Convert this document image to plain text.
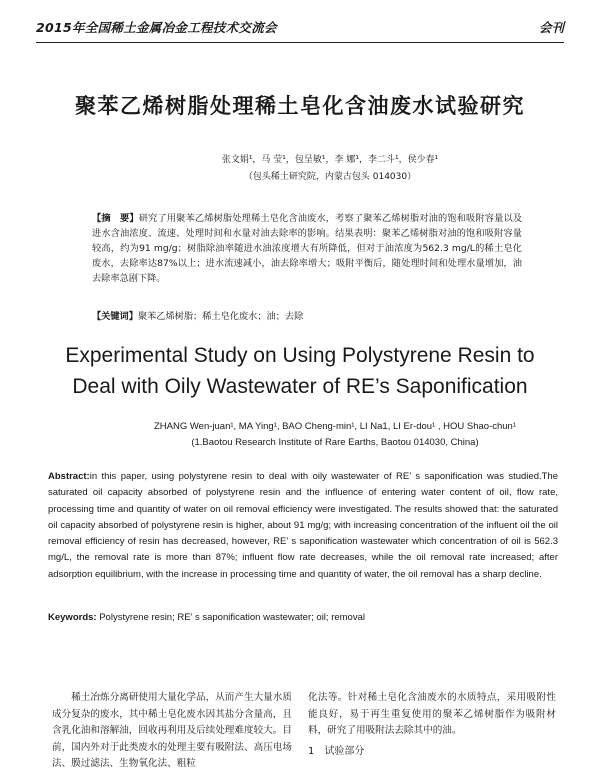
2015年全国稀土金属冶金工程技术交流会	会刊
聚苯乙烯树脂处理稀土皂化含油废水试验研究
张文娟¹，马 莹¹，包呈敏¹，李 娜¹，李二斗¹，侯少春¹
（包头稀土研究院，内蒙古包头 014030）
【摘　要】研究了用聚苯乙烯树脂处理稀土皂化含油废水，考察了聚苯乙烯树脂对油的饱和吸附容量以及进水含油浓度、流速、处理时间和水量对油去除率的影响。结果表明：聚苯乙烯树脂对油的饱和吸附容量较高，约为91 mg/g；树脂除油率随进水油浓度增大有所降低，但对于油浓度为562.3 mg/L的稀土皂化废水，去除率达87%以上；进水流速减小，油去除率增大；吸附平衡后，随处理时间和处理水量增加，油去除率急剧下降。
【关键词】聚苯乙烯树脂；稀土皂化废水；油；去除
Experimental Study on Using Polystyrene Resin to
Deal with Oily Wastewater of RE’s Saponification
ZHANG Wen-juan¹, MA Ying¹, BAO Cheng-min¹, LI Na1, LI Er-dou¹ , HOU Shao-chun¹
(1.Baotou Research Institute of Rare Earths, Baotou 014030, China)
Abstract:in this paper, using polystyrene resin to deal with oily wastewater of RE’ s saponification was studied.The saturated oil capacity absorbed of polystyrene resin and the influence of entering water content of oil, flow rate, processing time and quantity of water on oil removal efficiency were investigated. The results showed that: the saturated oil capacity absorbed of polystyrene resin is higher, about 91 mg/g; with increasing concentration of the influent oil the oil removal efficiency of resin has decreased, however, RE’ s saponification wastewater which concentration of oil is 562.3 mg/L, the removal rate is more than 87%; influent flow rate decreases, while the oil removal rate increased; after adsorption equilibrium, with the increase in processing time and quantity of water, the oil removal has a sharp decline.
Keywords: Polystyrene resin; RE’ s saponification wastewater; oil; removal
稀土冶炼分离研使用大量化学品，从而产生大量水质成分复杂的废水，其中稀土皂化废水因其盐分含量高，且含乳化油和溶解油，回收再利用及后续处理难度较大。目前，国内外对于此类废水的处理主要有吸附法、高压电场法、膜过滤法、生物氧化法、粗粒
化法等。针对稀土皂化含油废水的水质特点，采用吸附性能良好，易于再生重复使用的聚苯乙烯树脂作为吸附材料，研究了用吸附法去除其中的油。
1　试验部分
